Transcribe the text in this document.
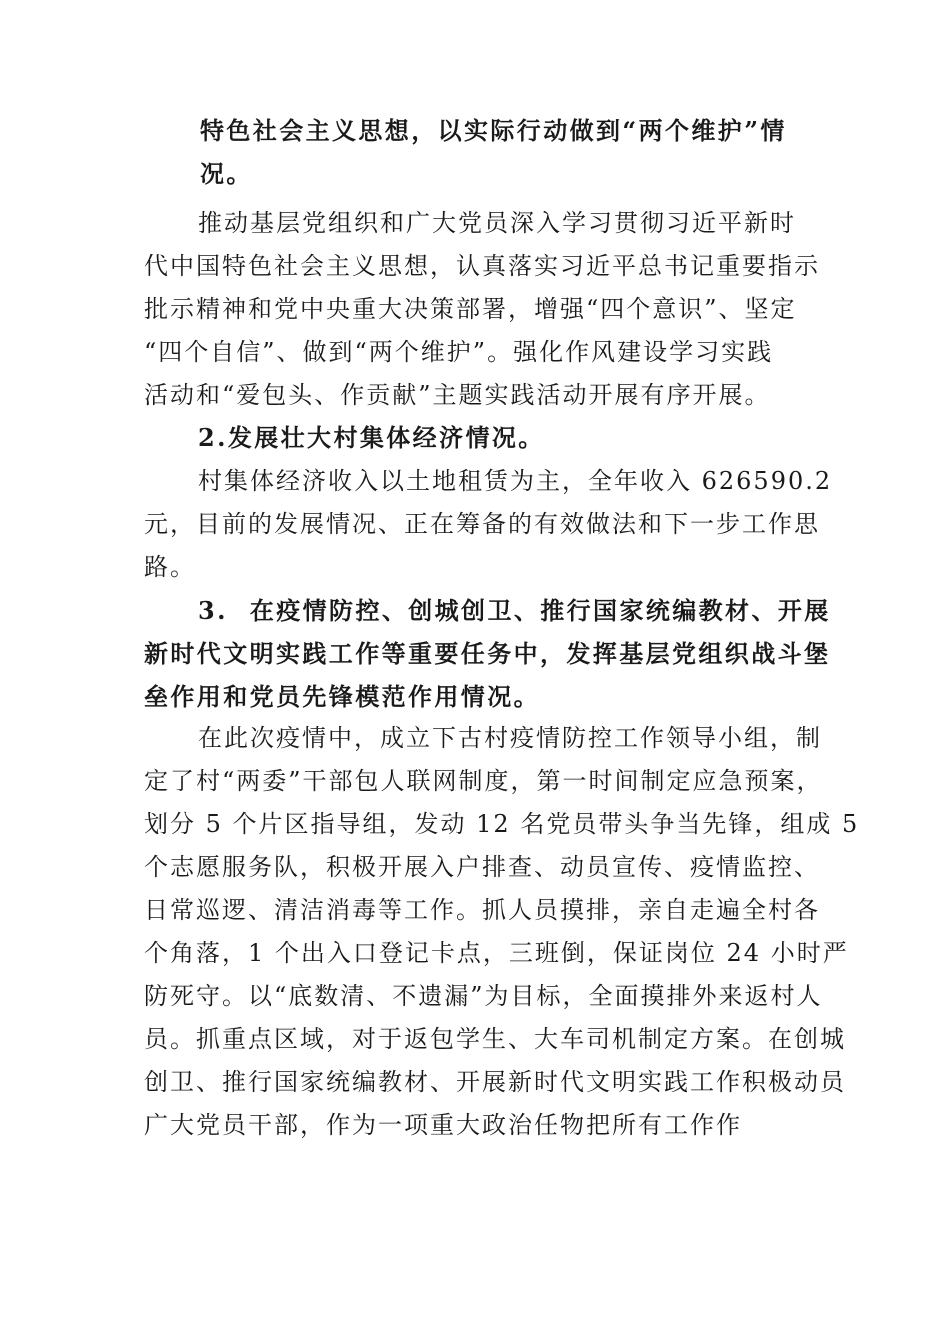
特色社会主义思想，以实际行动做到“两个维护”情
况。
推动基层党组织和广大党员深入学习贯彻习近平新时
代中国特色社会主义思想，认真落实习近平总书记重要指示
批示精神和党中央重大决策部署，增强“四个意识”、坚定
“四个自信”、做到“两个维护”。强化作风建设学习实践
活动和“爱包头、作贡献”主题实践活动开展有序开展。
2.发展壮大村集体经济情况。
村集体经济收入以土地租赁为主，全年收入 626590.2
元，目前的发展情况、正在筹备的有效做法和下一步工作思
路。
3. 在疫情防控、创城创卫、推行国家统编教材、开展
新时代文明实践工作等重要任务中，发挥基层党组织战斗堡
垒作用和党员先锋模范作用情况。
在此次疫情中，成立下古村疫情防控工作领导小组，制
定了村“两委”干部包人联网制度，第一时间制定应急预案，
划分 5 个片区指导组，发动 12 名党员带头争当先锋，组成 5
个志愿服务队，积极开展入户排查、动员宣传、疫情监控、
日常巡逻、清洁消毒等工作。抓人员摸排，亲自走遍全村各
个角落，1 个出入口登记卡点，三班倒，保证岗位 24 小时严
防死守。以“底数清、不遗漏”为目标，全面摸排外来返村人
员。抓重点区域，对于返包学生、大车司机制定方案。在创城
创卫、推行国家统编教材、开展新时代文明实践工作积极动员
广大党员干部，作为一项重大政治任物把所有工作作
